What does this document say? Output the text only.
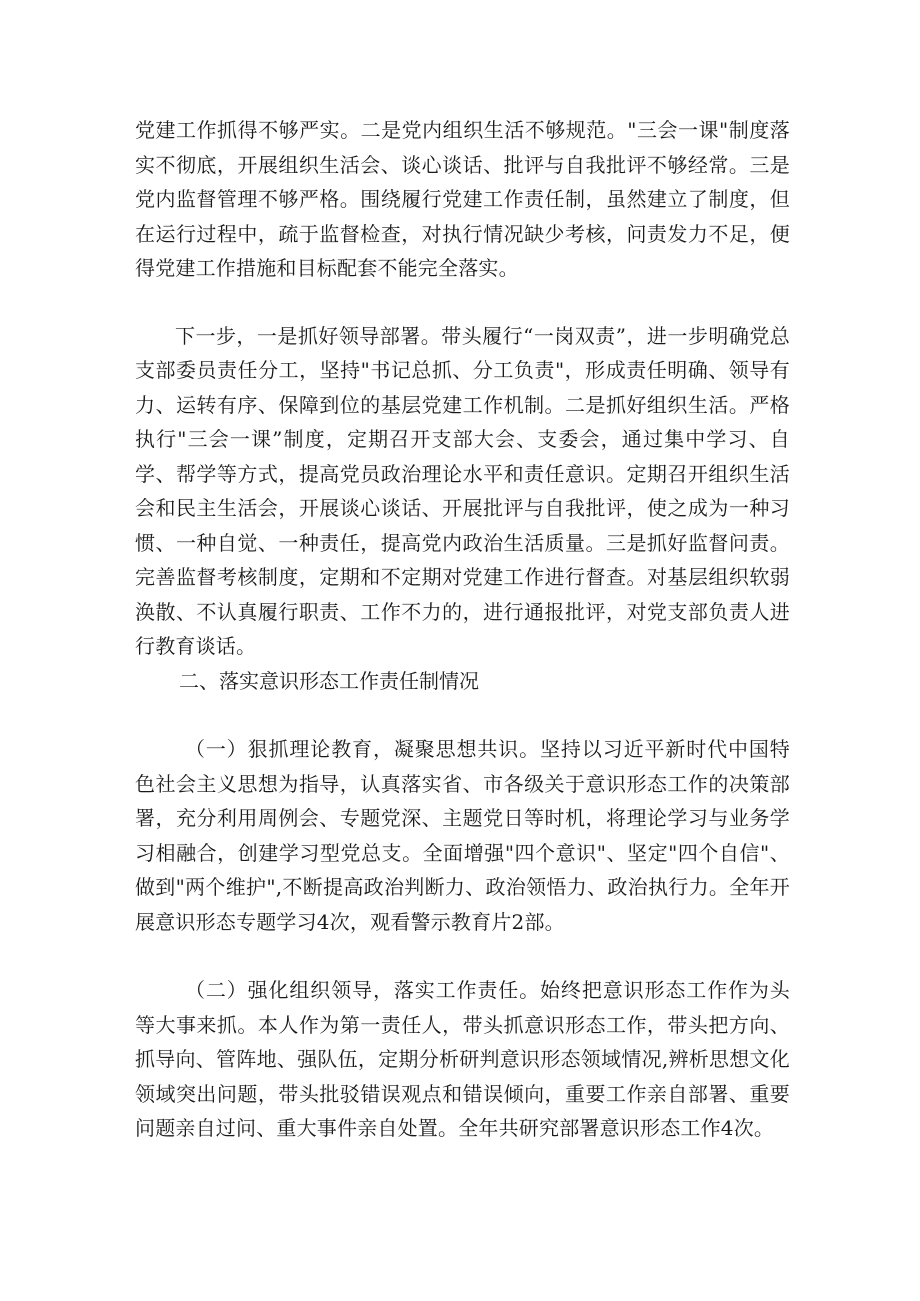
党建工作抓得不够严实。二是党内组织生活不够规范。"三会一课"制度落实不彻底，开展组织生活会、谈心谈话、批评与自我批评不够经常。三是党内监督管理不够严格。围绕履行党建工作责任制，虽然建立了制度，但在运行过程中，疏于监督检查，对执行情况缺少考核，问责发力不足，便得党建工作措施和目标配套不能完全落实。

下一步，一是抓好领导部署。带头履行“一岗双责”，进一步明确党总支部委员责任分工，坚持"书记总抓、分工负责"，形成责任明确、领导有力、运转有序、保障到位的基层党建工作机制。二是抓好组织生活。严格执行"三会一课”制度，定期召开支部大会、支委会，通过集中学习、自学、帮学等方式，提高党员政治理论水平和责任意识。定期召开组织生活会和民主生活会，开展谈心谈话、开展批评与自我批评，使之成为一种习惯、一种自觉、一种责任，提高党内政治生活质量。三是抓好监督问责。完善监督考核制度，定期和不定期对党建工作进行督查。对基层组织软弱涣散、不认真履行职责、工作不力的，进行通报批评，对党支部负责人进行教育谈话。

二、落实意识形态工作责任制情况

（一）狠抓理论教育，凝聚思想共识。坚持以习近平新时代中国特色社会主义思想为指导，认真落实省、市各级关于意识形态工作的决策部署，充分利用周例会、专题党深、主题党日等时机，将理论学习与业务学习相融合，创建学习型党总支。全面增强"四个意识"、坚定"四个自信"、做到"两个维护",不断提高政治判断力、政治领悟力、政治执行力。全年开展意识形态专题学习4次，观看警示教育片2部。

（二）强化组织领导，落实工作责任。始终把意识形态工作作为头等大事来抓。本人作为第一责任人，带头抓意识形态工作，带头把方向、抓导向、管阵地、强队伍，定期分析研判意识形态领域情况,辨析思想文化领域突出问题，带头批驳错误观点和错误倾向，重要工作亲自部署、重要问题亲自过问、重大事件亲自处置。全年共研究部署意识形态工作4次。
